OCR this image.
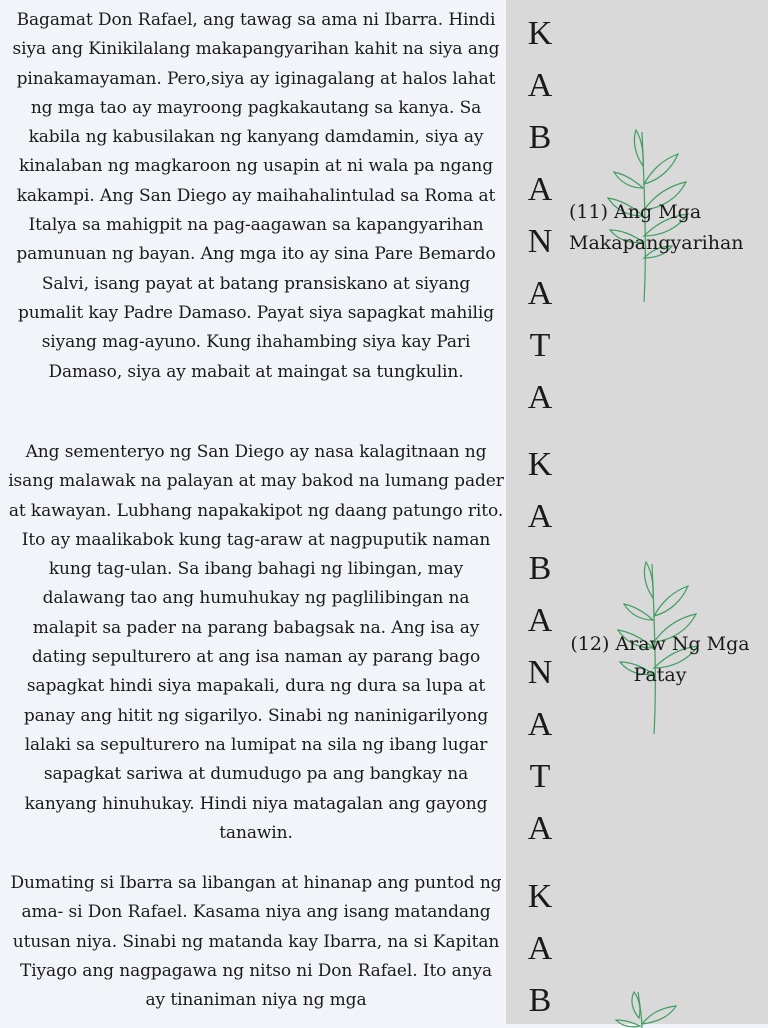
Bagamat Don Rafael, ang tawag sa ama ni Ibarra. Hindi siya ang Kinikilalang makapangyarihan kahit na siya ang pinakamayaman. Pero,siya ay iginagalang at halos lahat ng mga tao ay mayroong pagkakautang sa kanya. Sa kabila ng kabusilakan ng kanyang damdamin, siya ay kinalaban ng magkaroon ng usapin at ni wala pa ngang kakampi. Ang San Diego ay maihahalintulad sa Roma at Italya sa mahigpit na pag-aagawan sa kapangyarihan pamunuan ng bayan. Ang mga ito ay sina Pare Bemardo Salvi, isang payat at batang pransiskano at siyang pumalit kay Padre Damaso. Payat siya sapagkat mahilig siyang mag-ayuno. Kung ihahambing siya kay Pari Damaso, siya ay mabait at maingat sa tungkulin.
Ang sementeryo ng San Diego ay nasa kalagitnaan ng isang malawak na palayan at may bakod na lumang pader at kawayan. Lubhang napakakipot ng daang patungo rito. Ito ay maalikabok kung tag-araw at nagpuputik naman kung tag-ulan. Sa ibang bahagi ng libingan, may dalawang tao ang humuhukay ng paglilibingan na malapit sa pader na parang babagsak na. Ang isa ay dating sepulturero at ang isa naman ay parang bago sapagkat hindi siya mapakali, dura ng dura sa lupa at panay ang hitit ng sigarilyo. Sinabi ng naninigarilyong lalaki sa sepulturero na lumipat na sila ng ibang lugar sapagkat sariwa at dumudugo pa ang bangkay na kanyang hinuhukay. Hindi niya matagalan ang gayong tanawin.
Dumating si Ibarra sa libangan at hinanap ang puntod ng ama- si Don Rafael. Kasama niya ang isang matandang utusan niya. Sinabi ng matanda kay Ibarra, na si Kapitan Tiyago ang nagpagawa ng nitso ni Don Rafael. Ito anya ay tinaniman niya ng mga
K
A
B
A
N
A
T
A
K
A
B
A
N
A
T
A
K
A
B
(11) Ang Mga Makapangyarihan
(12) Araw Ng Mga Patay
